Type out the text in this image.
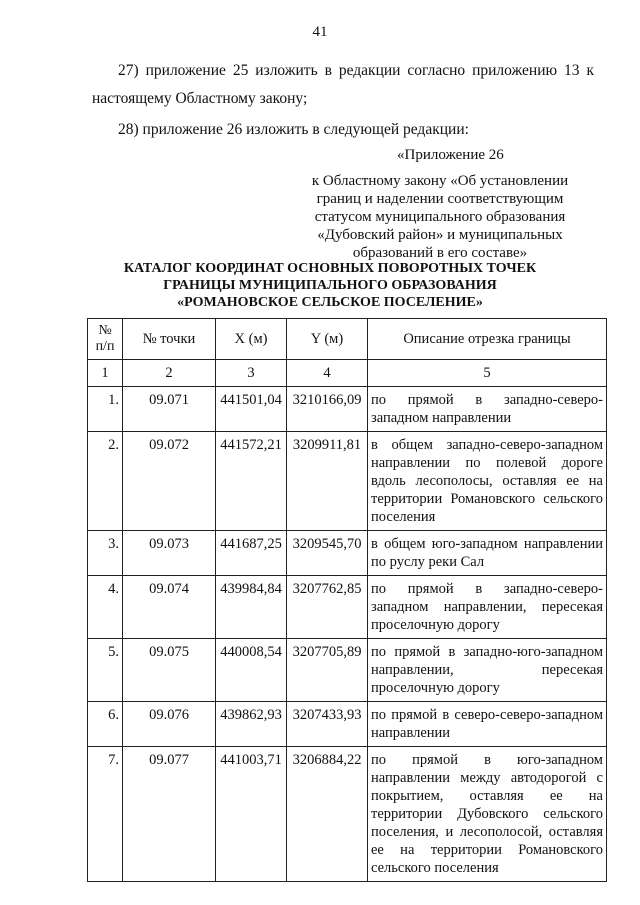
41
27) приложение 25 изложить в редакции согласно приложению 13 к
настоящему Областному закону;
28) приложение 26 изложить в следующей редакции:
«Приложение 26
к Областному закону «Об установлении
границ и наделении соответствующим
статусом муниципального образования
«Дубовский район» и муниципальных
образований в его составе»
КАТАЛОГ КООРДИНАТ ОСНОВНЫХ ПОВОРОТНЫХ ТОЧЕК
ГРАНИЦЫ МУНИЦИПАЛЬНОГО ОБРАЗОВАНИЯ
«РОМАНОВСКОЕ СЕЛЬСКОЕ ПОСЕЛЕНИЕ»
№
п/п	№ точки	X (м)	Y (м)	Описание отрезка границы
1	2	3	4	5
1.	09.071	441501,04	3210166,09	по прямой в западно-северо-западном направлении
2.	09.072	441572,21	3209911,81	в общем западно-северо-западном направлении по полевой дороге вдоль лесополосы, оставляя ее на территории Романовского сельского поселения
3.	09.073	441687,25	3209545,70	в общем юго-западном направлении по руслу реки Сал
4.	09.074	439984,84	3207762,85	по прямой в западно-северо-западном направлении, пересекая проселочную дорогу
5.	09.075	440008,54	3207705,89	по прямой в западно-юго-западном направлении, пересекая проселочную дорогу
6.	09.076	439862,93	3207433,93	по прямой в северо-северо-западном направлении
7.	09.077	441003,71	3206884,22	по прямой в юго-западном направлении между автодорогой с покрытием, оставляя ее на территории Дубовского сельского поселения, и лесополосой, оставляя ее на территории Романовского сельского поселения
